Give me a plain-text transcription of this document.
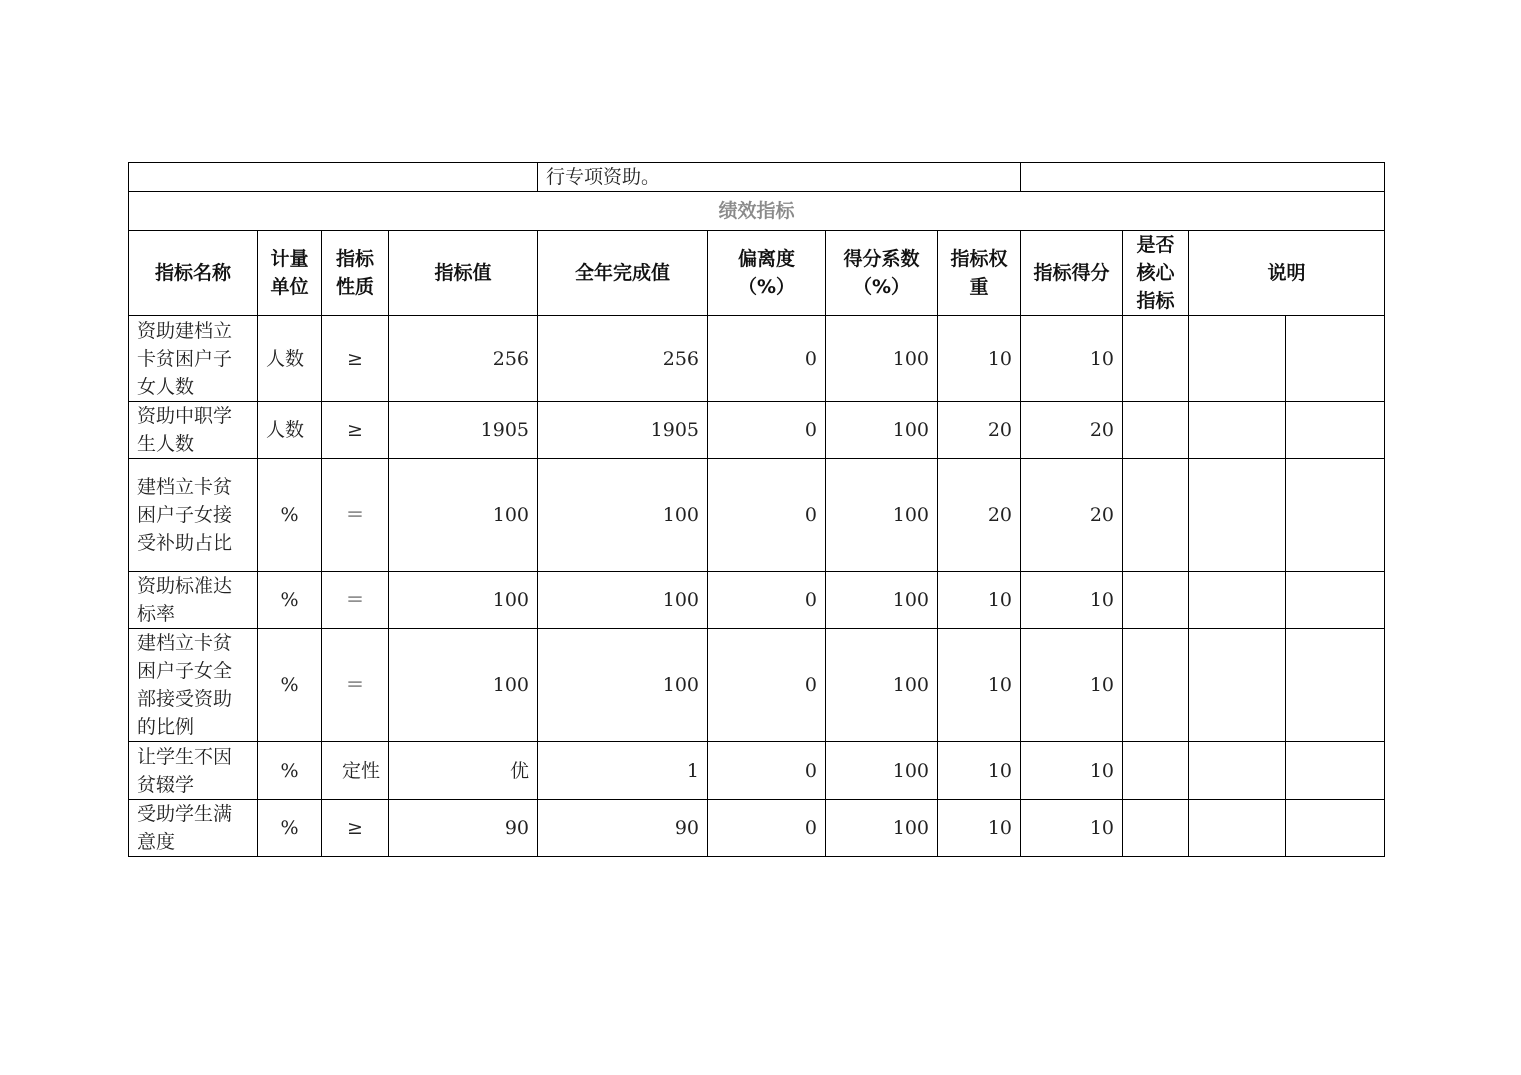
				行专项资助。							
绩效指标											
指标名称	计量单位	指标性质	指标值	全年完成值	偏离度（%）	得分系数（%）	指标权重	指标得分	是否核心指标	说明	
资助建档立卡贫困户子女人数	人数	≥	256	256	0	100	10	10			
资助中职学生人数	人数	≥	1905	1905	0	100	20	20			
建档立卡贫困户子女接受补助占比	%	＝	100	100	0	100	20	20			
资助标准达标率	%	＝	100	100	0	100	10	10			
建档立卡贫困户子女全部接受资助的比例	%	＝	100	100	0	100	10	10			
让学生不因贫辍学	%	定性	优	1	0	100	10	10			
受助学生满意度	%	≥	90	90	0	100	10	10			
